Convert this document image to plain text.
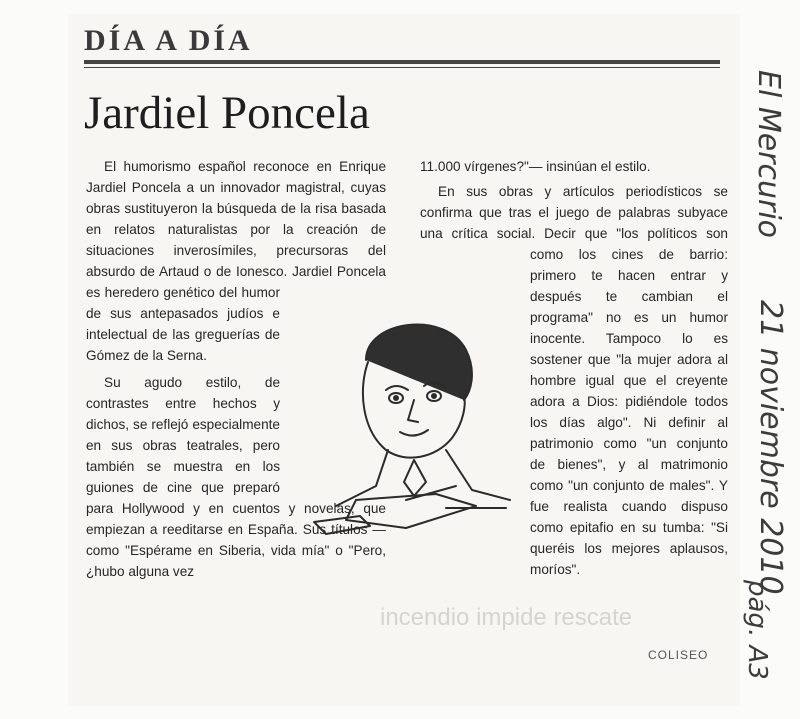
incendio impide rescate
DÍA A DÍA
Jardiel Poncela

El humorismo español reconoce en Enrique Jardiel Poncela a un innovador magistral, cuyas obras sustituyeron la búsqueda de la risa basada en relatos naturalistas por la creación de situaciones inverosímiles, precursoras del absurdo de Artaud o de Ionesco. Jardiel Poncela es heredero genético del humor de sus antepasados judíos e intelectual de las greguerías de Gómez de la Serna.

Su agudo estilo, de contrastes entre hechos y dichos, se reflejó especialmente en sus obras teatrales, pero también se muestra en los guiones de cine que preparó para Hollywood y en cuentos y novelas, que empiezan a reeditarse en España. Sus títulos —como "Espérame en Siberia, vida mía" o "Pero, ¿hubo alguna vez

11.000 vírgenes?"— insinúan el estilo.

En sus obras y artículos periodísticos se confirma que tras el juego de palabras subyace una crítica social. Decir que "los políticos son como los cines de barrio: primero te hacen entrar y después te cambian el programa" no es un humor inocente. Tampoco lo es sostener que "la mujer adora al hombre igual que el creyente adora a Dios: pidiéndole todos los días algo". Ni definir al patrimonio como "un conjunto de bienes", y al matrimonio como "un conjunto de males". Y fue realista cuando dispuso como epitafio en su tumba: "Si queréis los mejores aplausos, moríos".

COLISEO
El Mercurio
21 noviembre 2010
pág. A3
